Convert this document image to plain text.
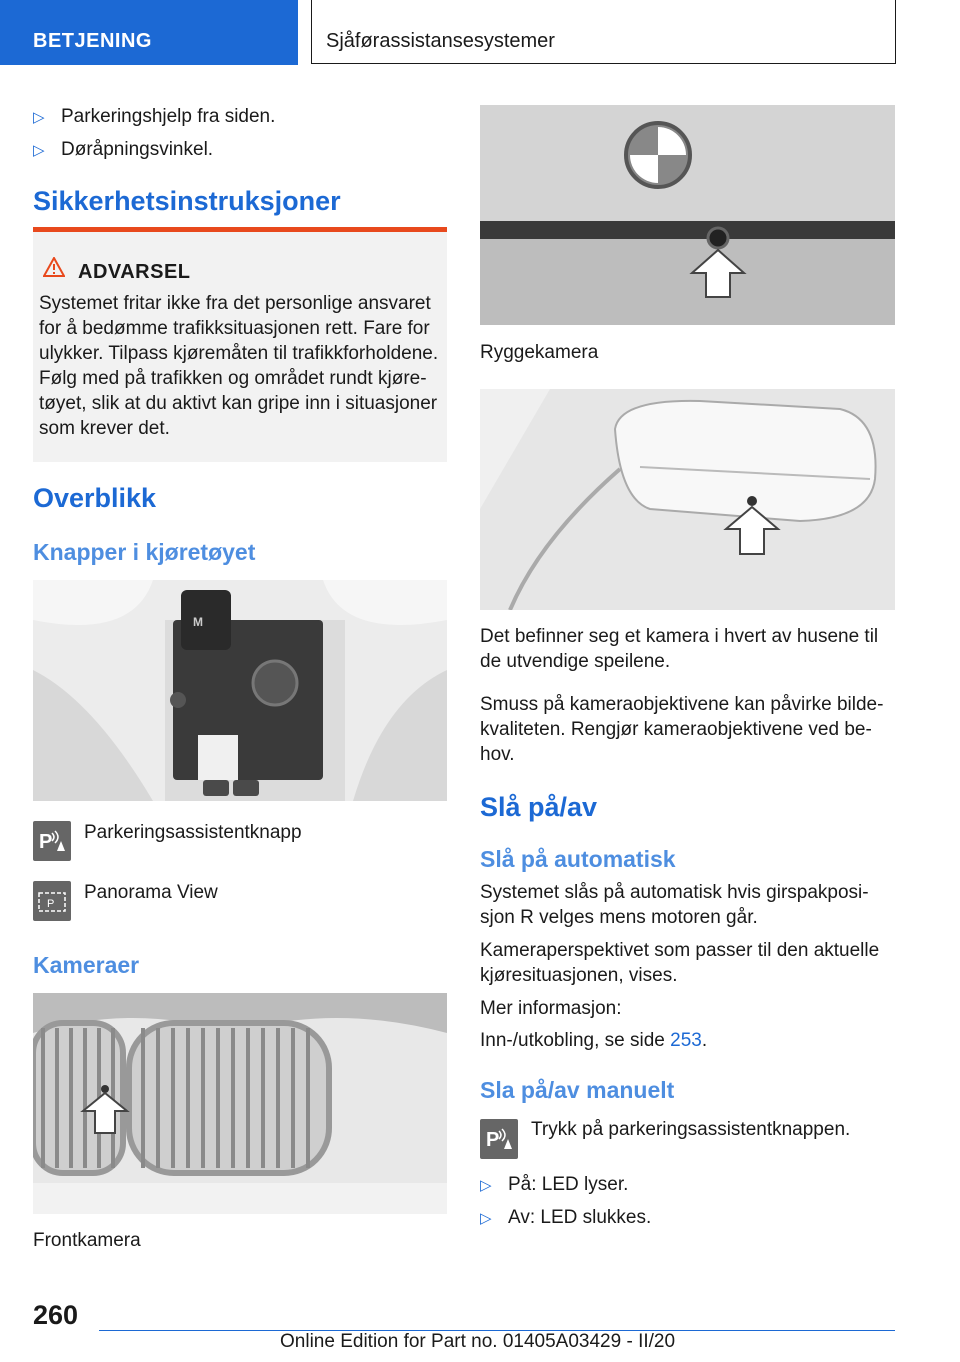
BETJENING	Sjåførassistansesystemer
▷ Parkeringshjelp fra siden.
▷ Døråpningsvinkel.
Sikkerhetsinstruksjoner
ADVARSEL
Systemet fritar ikke fra det personlige ansvaret
for å bedømme trafikksituasjonen rett. Fare for
ulykker. Tilpass kjøremåten til trafikkforholdene.
Følg med på trafikken og området rundt kjøre-
tøyet, slik at du aktivt kan gripe inn i situasjoner
som krever det.
Overblikk
Knapper i kjøretøyet
M
P Parkeringsassistentknapp
P
Panorama View
Kameraer
Frontkamera
Ryggekamera
Det befinner seg et kamera i hvert av husene til
de utvendige speilene.
Smuss på kameraobjektivene kan påvirke bilde-
kvaliteten. Rengjør kameraobjektivene ved be-
hov.
Slå på/av
Slå på automatisk
Systemet slås på automatisk hvis girspakposi-
sjon R velges mens motoren går.
Kameraperspektivet som passer til den aktuelle
kjøresituasjonen, vises.
Mer informasjon:
Inn-/utkobling, se side 253.
Sla på/av manuelt
P Trykk på parkeringsassistentknappen.
▷ På: LED lyser.
▷ Av: LED slukkes.
260
Online Edition for Part no. 01405A03429 - II/20
